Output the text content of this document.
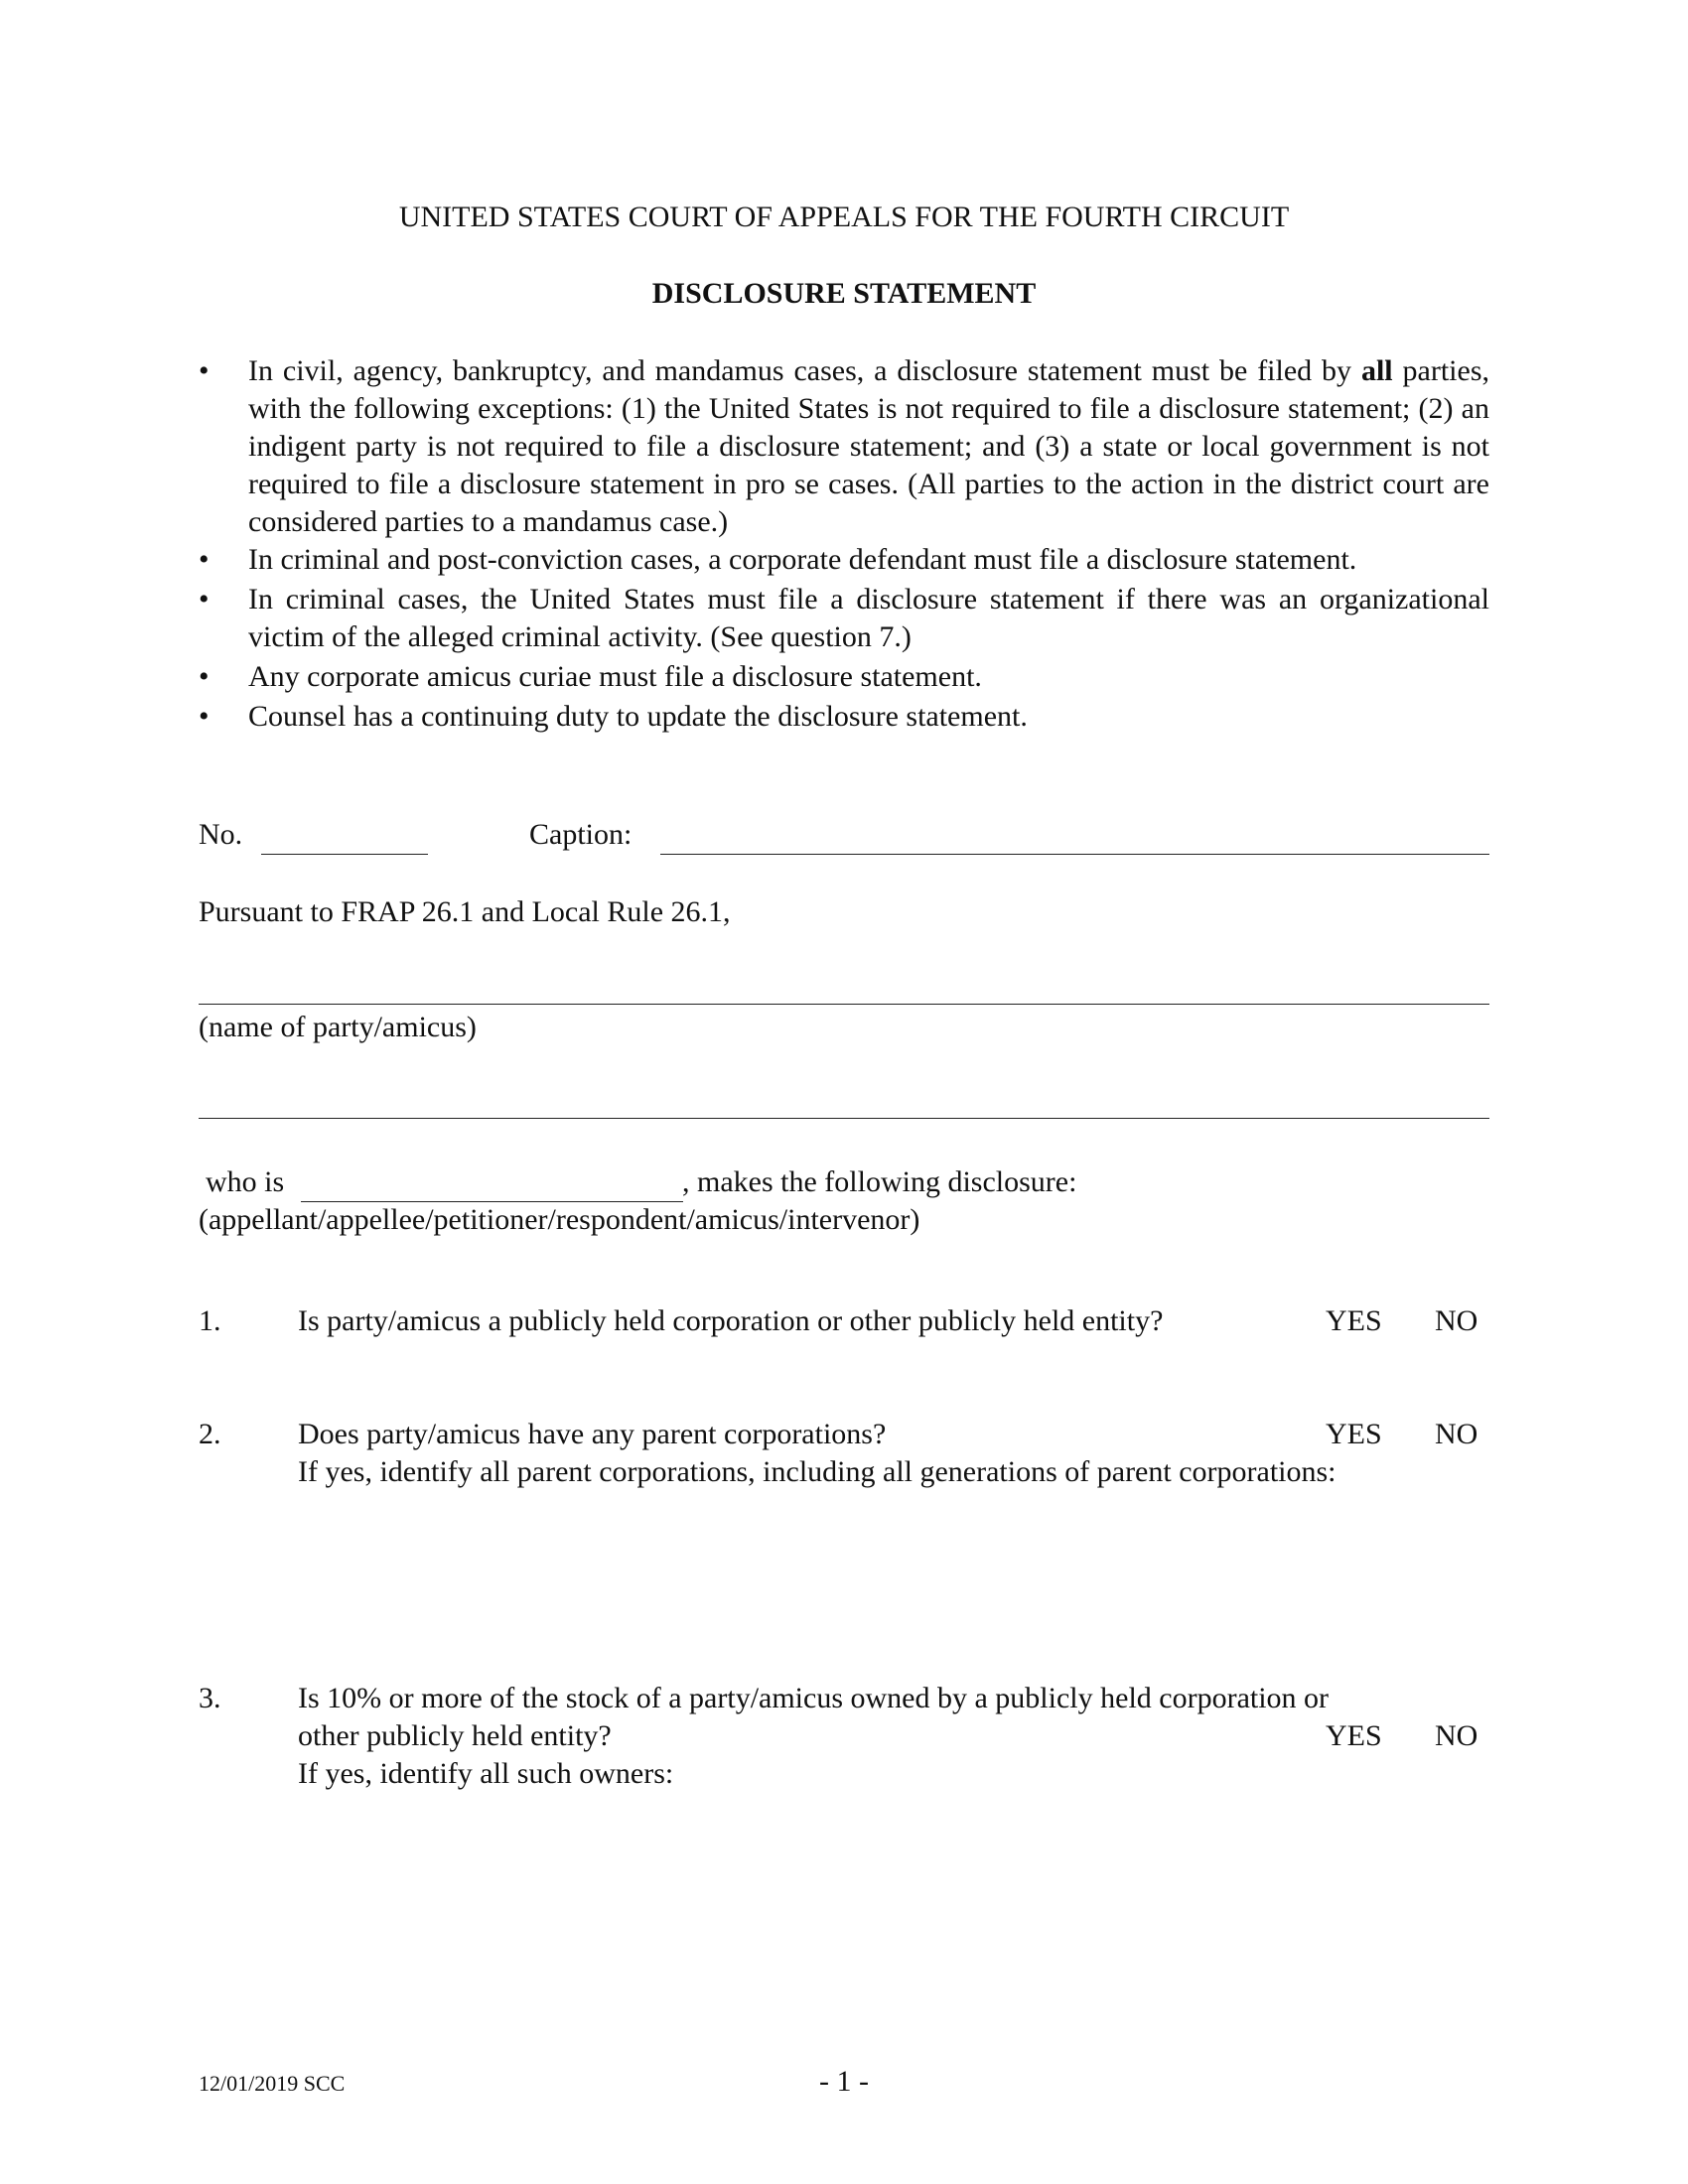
UNITED STATES COURT OF APPEALS FOR THE FOURTH CIRCUIT
DISCLOSURE STATEMENT
•	In civil, agency, bankruptcy, and mandamus cases, a disclosure statement must be filed by all parties, with the following exceptions: (1) the United States is not required to file a disclosure statement; (2) an indigent party is not required to file a disclosure statement; and (3) a state or local government is not required to file a disclosure statement in pro se cases. (All parties to the action in the district court are considered parties to a mandamus case.)
•	In criminal and post-conviction cases, a corporate defendant must file a disclosure statement.
•	In criminal cases, the United States must file a disclosure statement if there was an organizational victim of the alleged criminal activity. (See question 7.)
•	Any corporate amicus curiae must file a disclosure statement.
•	Counsel has a continuing duty to update the disclosure statement.
No.	Caption:
Pursuant to FRAP 26.1 and Local Rule 26.1,
(name of party/amicus)
who is	, makes the following disclosure:
(appellant/appellee/petitioner/respondent/amicus/intervenor)
1.	Is party/amicus a publicly held corporation or other publicly held entity?	YES NO
2.	Does party/amicus have any parent corporations?
If yes, identify all parent corporations, including all generations of parent corporations:
YES NO
3.	Is 10% or more of the stock of a party/amicus owned by a publicly held corporation or
other publicly held entity?
If yes, identify all such owners:
YES NO
12/01/2019 SCC	- 1 -
